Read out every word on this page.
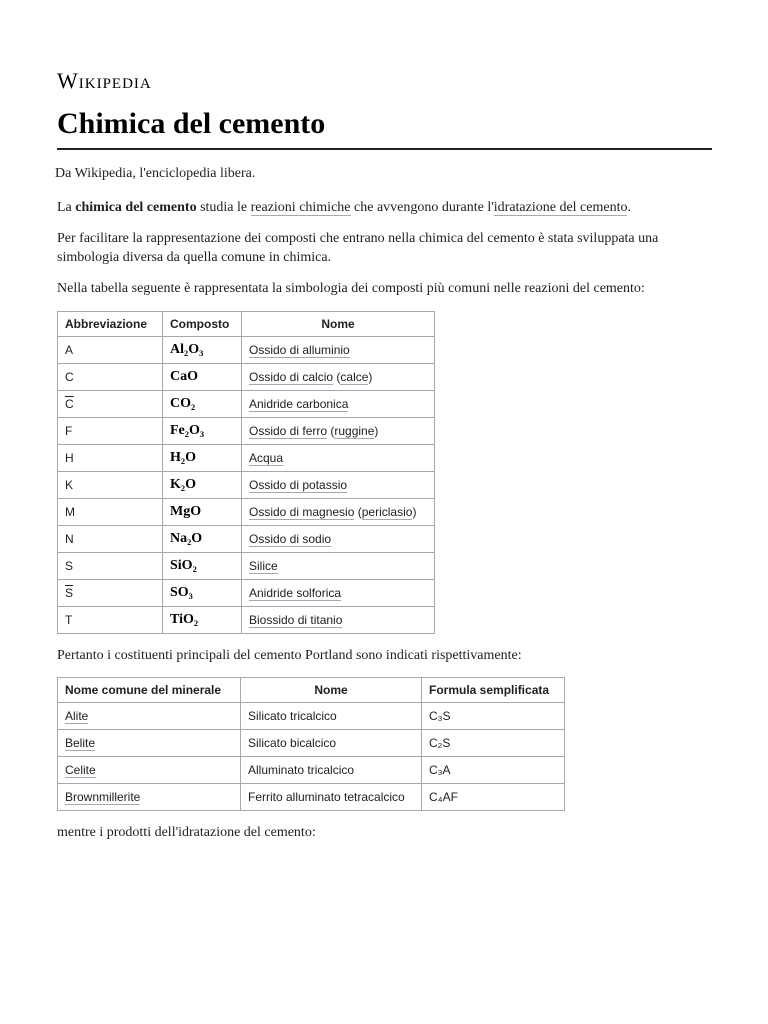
Wikipedia
Chimica del cemento
Da Wikipedia, l'enciclopedia libera.

La chimica del cemento studia le reazioni chimiche che avvengono durante l'idratazione del cemento.

Per facilitare la rappresentazione dei composti che entrano nella chimica del cemento è stata sviluppata una simbologia diversa da quella comune in chimica.

Nella tabella seguente è rappresentata la simbologia dei composti più comuni nelle reazioni del cemento:

Abbreviazione	Composto	Nome
A	Al₂O₃	Ossido di alluminio
C	CaO	Ossido di calcio (calce)
$\overline{C}$	CO₂	Anidride carbonica
F	Fe₂O₃	Ossido di ferro (ruggine)
H	H₂O	Acqua
K	K₂O	Ossido di potassio
M	MgO	Ossido di magnesio (periclasio)
N	Na₂O	Ossido di sodio
S	SiO₂	Silice
$\overline{S}$	SO₃	Anidride solforica
T	TiO₂	Biossido di titanio

Pertanto i costituenti principali del cemento Portland sono indicati rispettivamente:

Nome comune del minerale	Nome	Formula semplificata
Alite	Silicato tricalcico	C₃S
Belite	Silicato bicalcico	C₂S
Celite	Alluminato tricalcico	C₃A
Brownmillerite	Ferrito alluminato tetracalcico	C₄AF

mentre i prodotti dell'idratazione del cemento:
